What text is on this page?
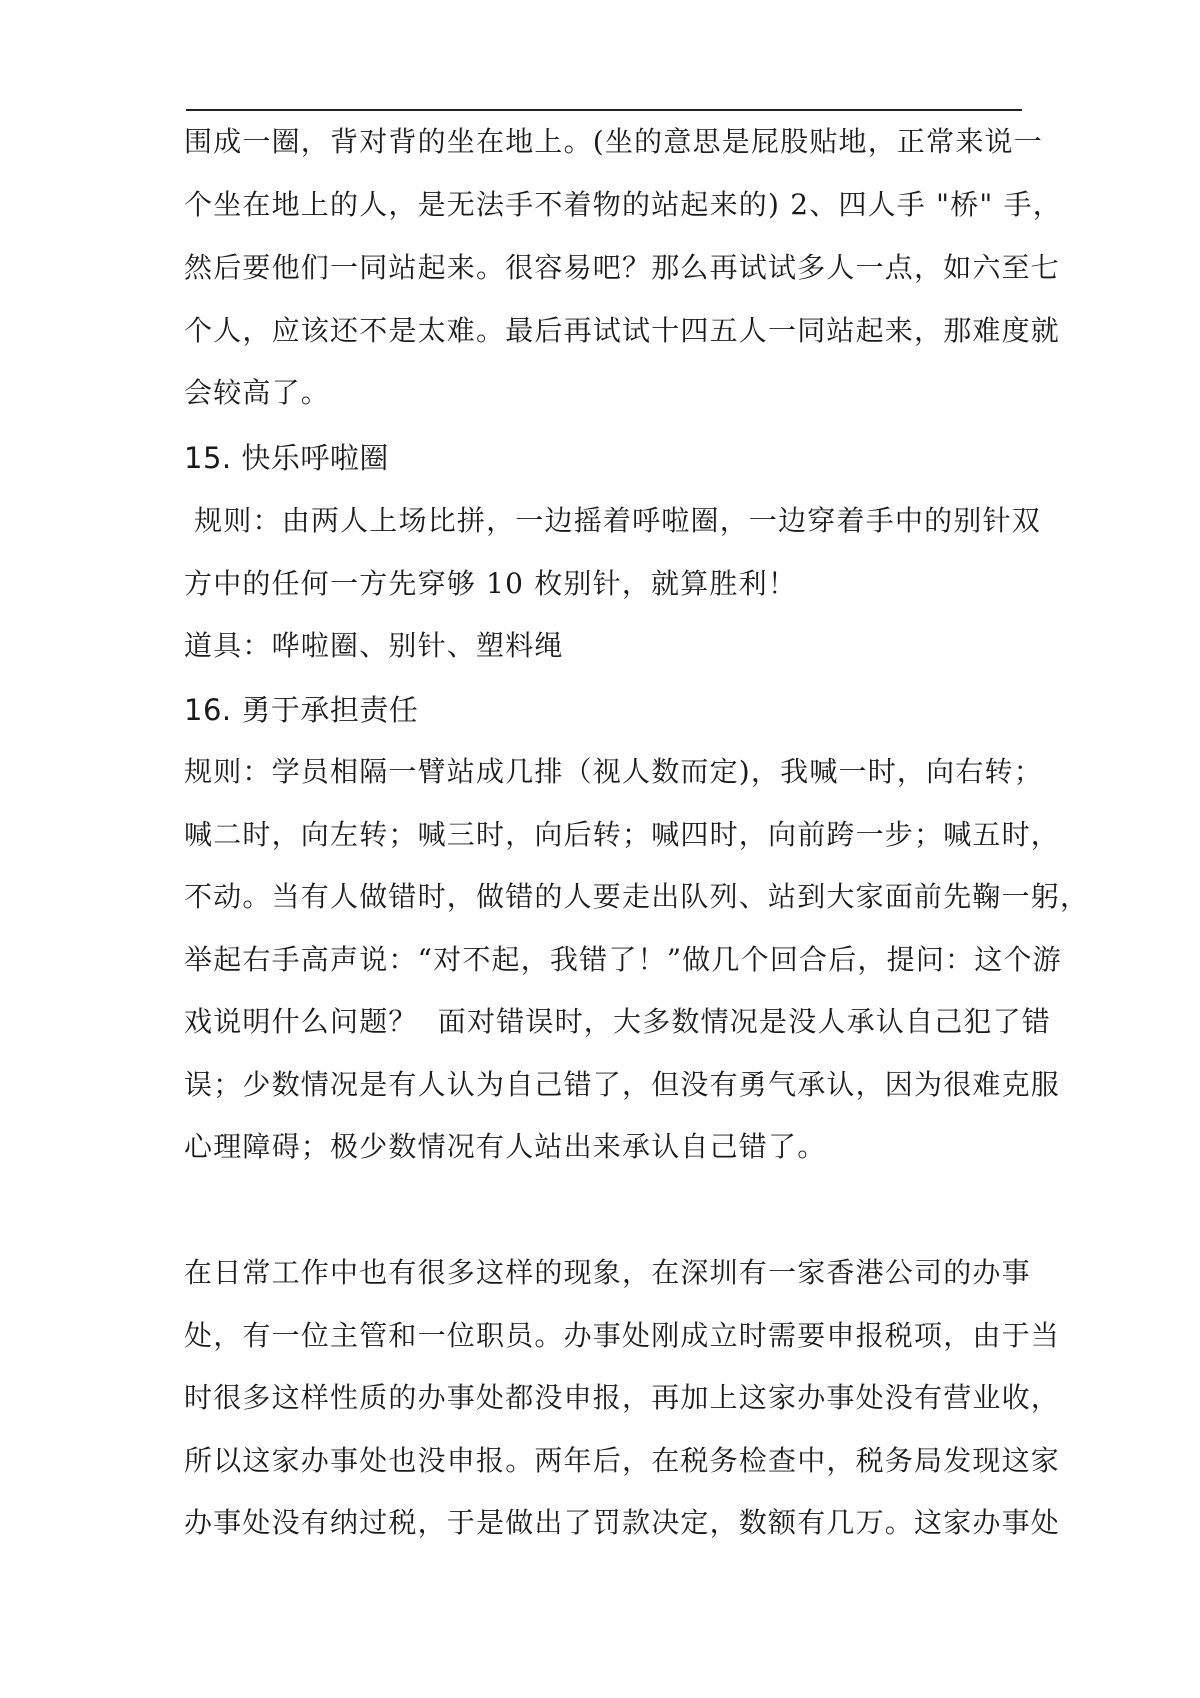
围成一圈，背对背的坐在地上。(坐的意思是屁股贴地，正常来说一
个坐在地上的人，是无法手不着物的站起来的) 2、四人手 "桥" 手，
然后要他们一同站起来。很容易吧？那么再试试多人一点，如六至七
个人，应该还不是太难。最后再试试十四五人一同站起来，那难度就
会较高了。
15. 快乐呼啦圈
规则：由两人上场比拼，一边摇着呼啦圈，一边穿着手中的别针双
方中的任何一方先穿够 10 枚别针，就算胜利！
道具：哗啦圈、别针、塑料绳
16. 勇于承担责任
规则：学员相隔一臂站成几排（视人数而定)，我喊一时，向右转；
喊二时，向左转；喊三时，向后转；喊四时，向前跨一步；喊五时，
不动。当有人做错时，做错的人要走出队列、站到大家面前先鞠一躬，
举起右手高声说：“对不起，我错了！”做几个回合后，提问：这个游
戏说明什么问题？  面对错误时，大多数情况是没人承认自己犯了错
误；少数情况是有人认为自己错了，但没有勇气承认，因为很难克服
心理障碍；极少数情况有人站出来承认自己错了。
在日常工作中也有很多这样的现象，在深圳有一家香港公司的办事
处，有一位主管和一位职员。办事处刚成立时需要申报税项，由于当
时很多这样性质的办事处都没申报，再加上这家办事处没有营业收，
所以这家办事处也没申报。两年后，在税务检查中，税务局发现这家
办事处没有纳过税，于是做出了罚款决定，数额有几万。这家办事处
